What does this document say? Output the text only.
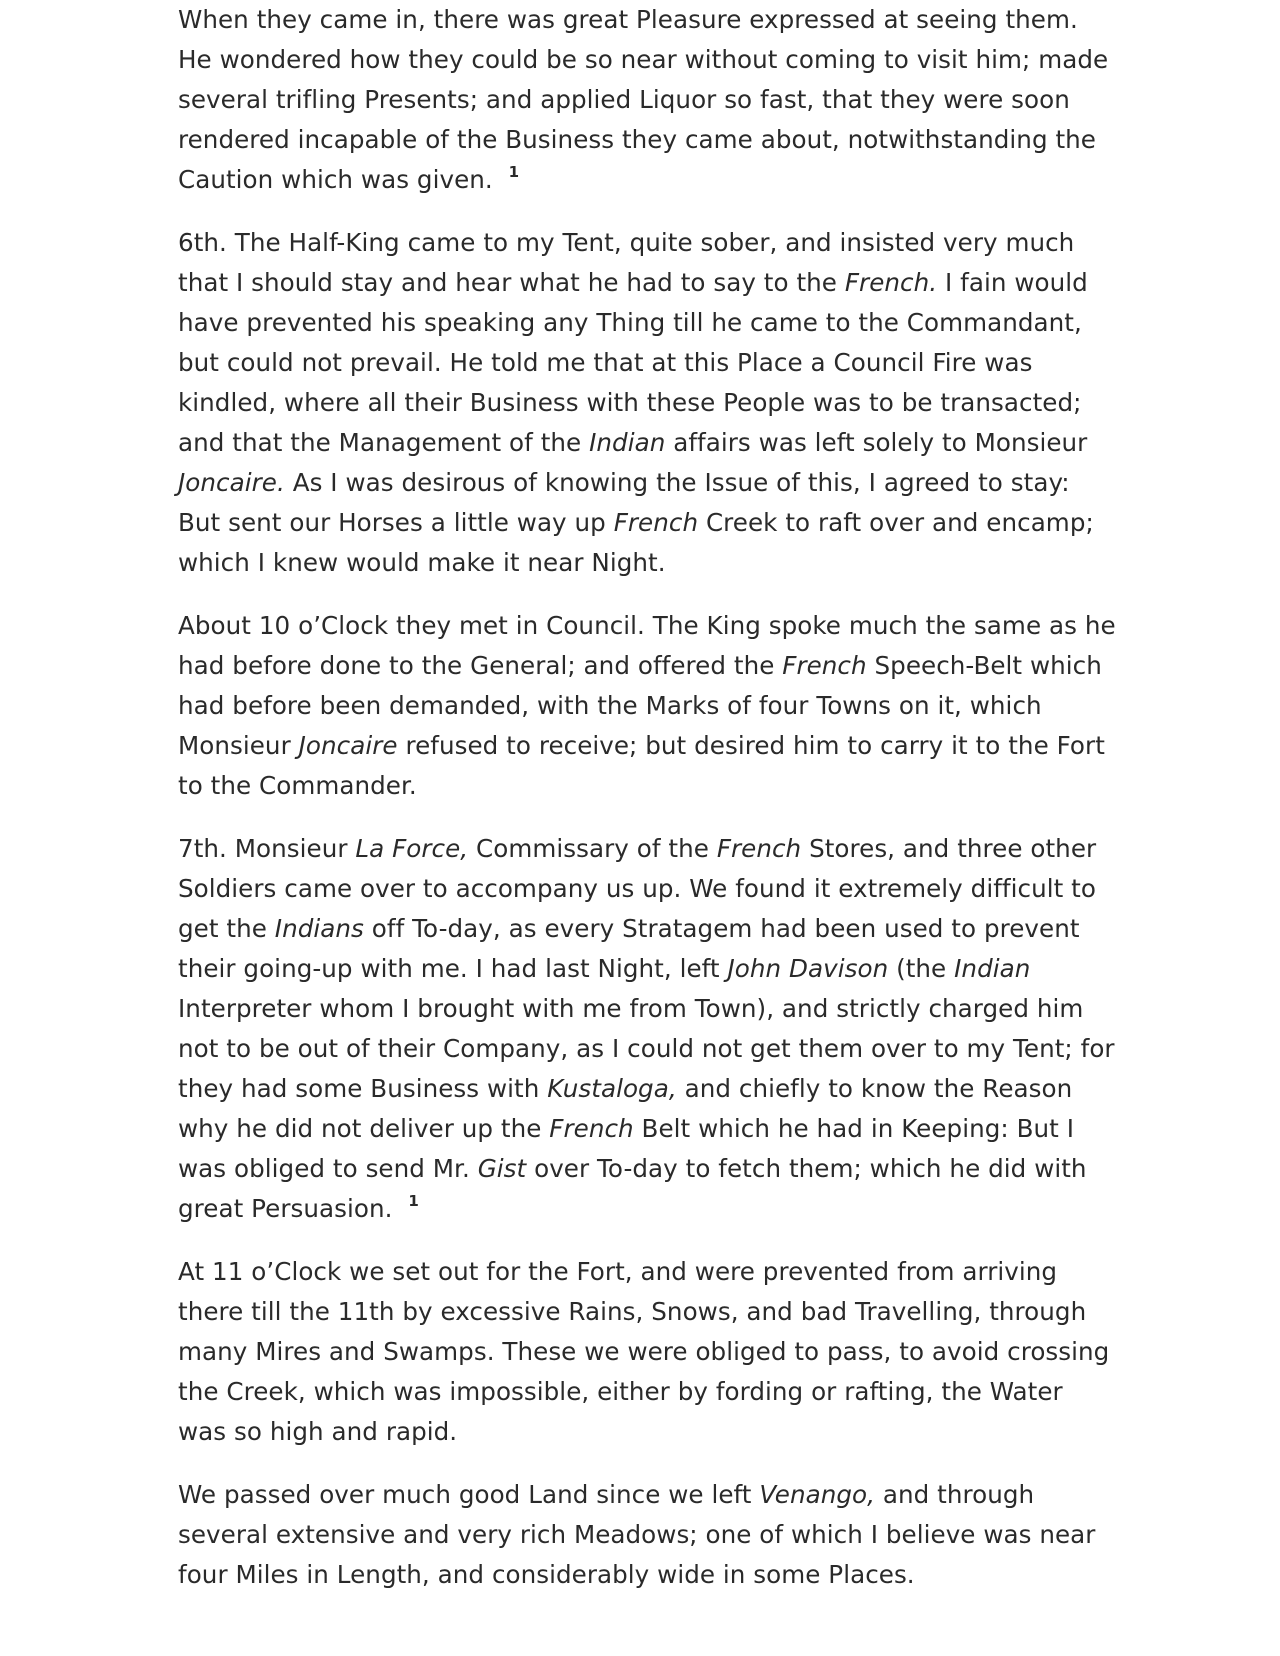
When they came in, there was great Pleasure expressed at seeing them. He wondered how they could be so near without coming to visit him; made several trifling Presents; and applied Liquor so fast, that they were soon rendered incapable of the Business they came about, notwithstanding the Caution which was given. $^1$

6th. The Half-King came to my Tent, quite sober, and insisted very much that I should stay and hear what he had to say to the French. I fain would have prevented his speaking any Thing till he came to the Commandant, but could not prevail. He told me that at this Place a Council Fire was kindled, where all their Business with these People was to be transacted; and that the Management of the Indian affairs was left solely to Monsieur Joncaire. As I was desirous of knowing the Issue of this, I agreed to stay: But sent our Horses a little way up French Creek to raft over and encamp; which I knew would make it near Night.

About 10 o’Clock they met in Council. The King spoke much the same as he had before done to the General; and offered the French Speech-Belt which had before been demanded, with the Marks of four Towns on it, which Monsieur Joncaire refused to receive; but desired him to carry it to the Fort to the Commander.

7th. Monsieur La Force, Commissary of the French Stores, and three other Soldiers came over to accompany us up. We found it extremely difficult to get the Indians off To-day, as every Stratagem had been used to prevent their going-up with me. I had last Night, left John Davison (the Indian Interpreter whom I brought with me from Town), and strictly charged him not to be out of their Company, as I could not get them over to my Tent; for they had some Business with Kustaloga, and chiefly to know the Reason why he did not deliver up the French Belt which he had in Keeping: But I was obliged to send Mr. Gist over To-day to fetch them; which he did with great Persuasion. $^1$

At 11 o’Clock we set out for the Fort, and were prevented from arriving there till the 11th by excessive Rains, Snows, and bad Travelling, through many Mires and Swamps. These we were obliged to pass, to avoid crossing the Creek, which was impossible, either by fording or rafting, the Water was so high and rapid.

We passed over much good Land since we left Venango, and through several extensive and very rich Meadows; one of which I believe was near four Miles in Length, and considerably wide in some Places.
